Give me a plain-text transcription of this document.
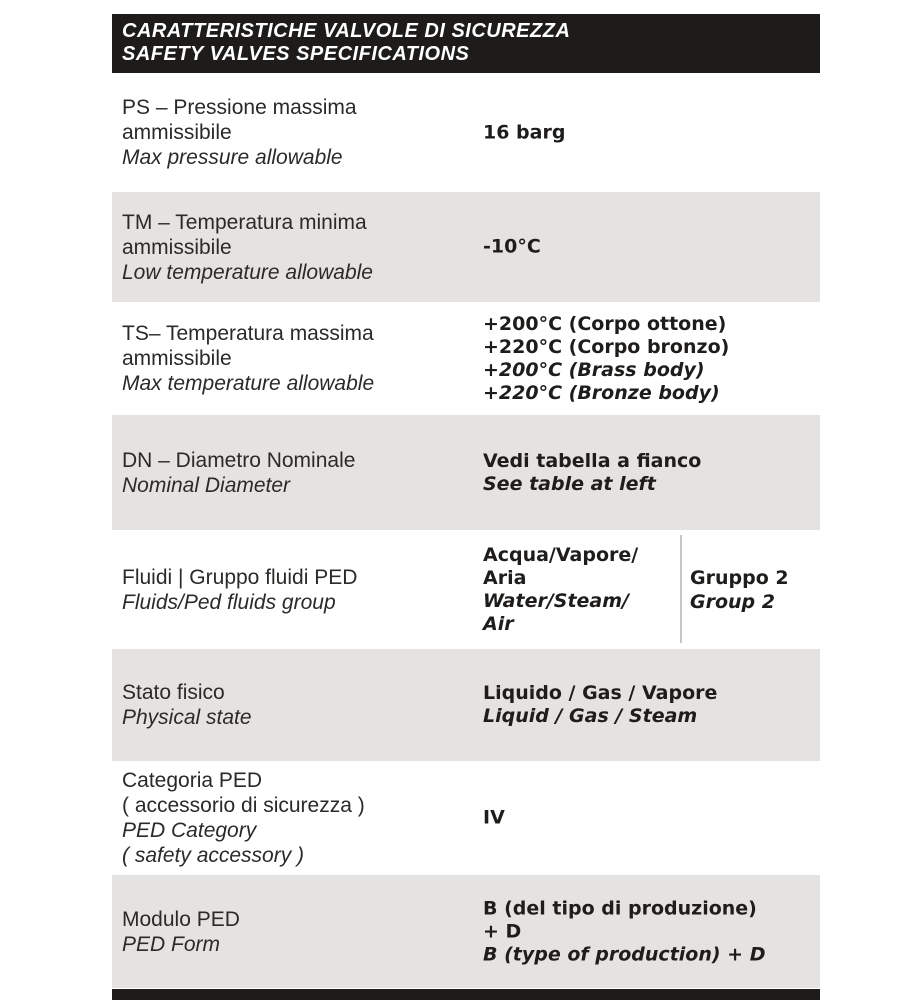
CARATTERISTICHE VALVOLE DI SICUREZZA
SAFETY VALVES SPECIFICATIONS
PS – Pressione massima
ammissibile
Max pressure allowable
16 barg
TM – Temperatura minima
ammissibile
Low temperature allowable
-10°C
TS– Temperatura massima
ammissibile
Max temperature allowable
+200°C (Corpo ottone)
+220°C (Corpo bronzo)
+200°C (Brass body)
+220°C (Bronze body)
DN – Diametro Nominale
Nominal Diameter
Vedi tabella a fianco
See table at left
Fluidi | Gruppo fluidi PED
Fluids/Ped fluids group
Acqua/Vapore/
Aria
Water/Steam/
Air
Gruppo 2
Group 2
Stato fisico
Physical state
Liquido / Gas / Vapore
Liquid / Gas / Steam
Categoria PED
( accessorio di sicurezza )
PED Category
( safety accessory )
IV
Modulo PED
PED Form
B (del tipo di produzione)
+ D
B (type of production) + D
